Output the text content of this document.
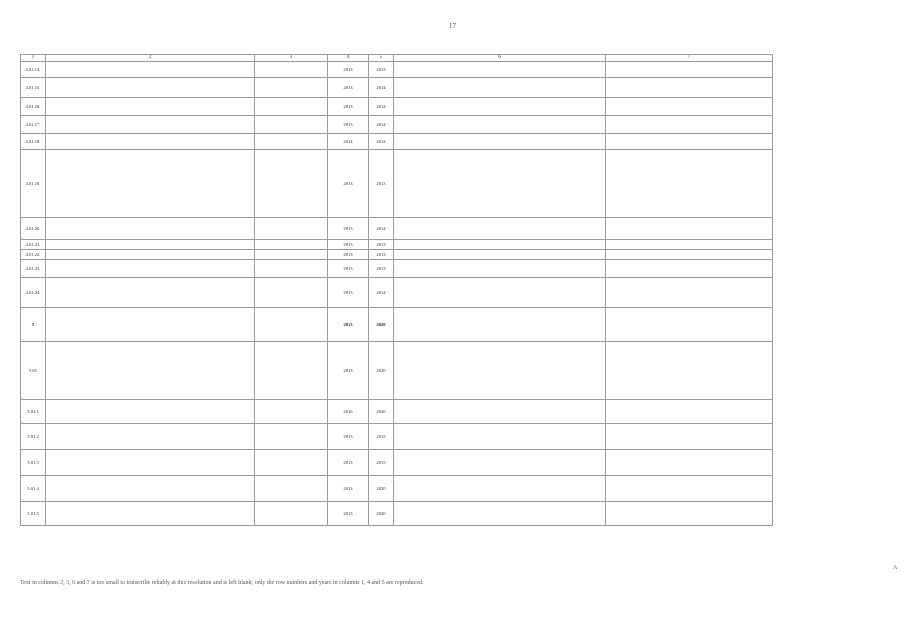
17
1	2	3	4	5	6	7
4.01.14.			2013	2013		
4.01.15.			2013	2014		
4.01.16.			2013	2014		
4.01.17.			2013	2014		
4.01.18.			2014	2014		
4.01.19.			2013	2013		
4.01.20.			2013	2014		
4.01.21.			2013	2013		
4.01.22.			2013	2013		
4.01.23.			2013	2013		
4.01.24.			2013	2014		
5			2013	2020		
5.01			2013	2020		
5.01.1			2016	2020		
5.01.2			2013	2015		
5.01.3			2013	2015		
5.01.4			2013	2020		
5.01.5			2013	2020		
Text in columns 2, 3, 6 and 7 is too small to transcribe reliably at this resolution and is left blank; only the row numbers and years in columns 1, 4 and 5 are reproduced.
A
